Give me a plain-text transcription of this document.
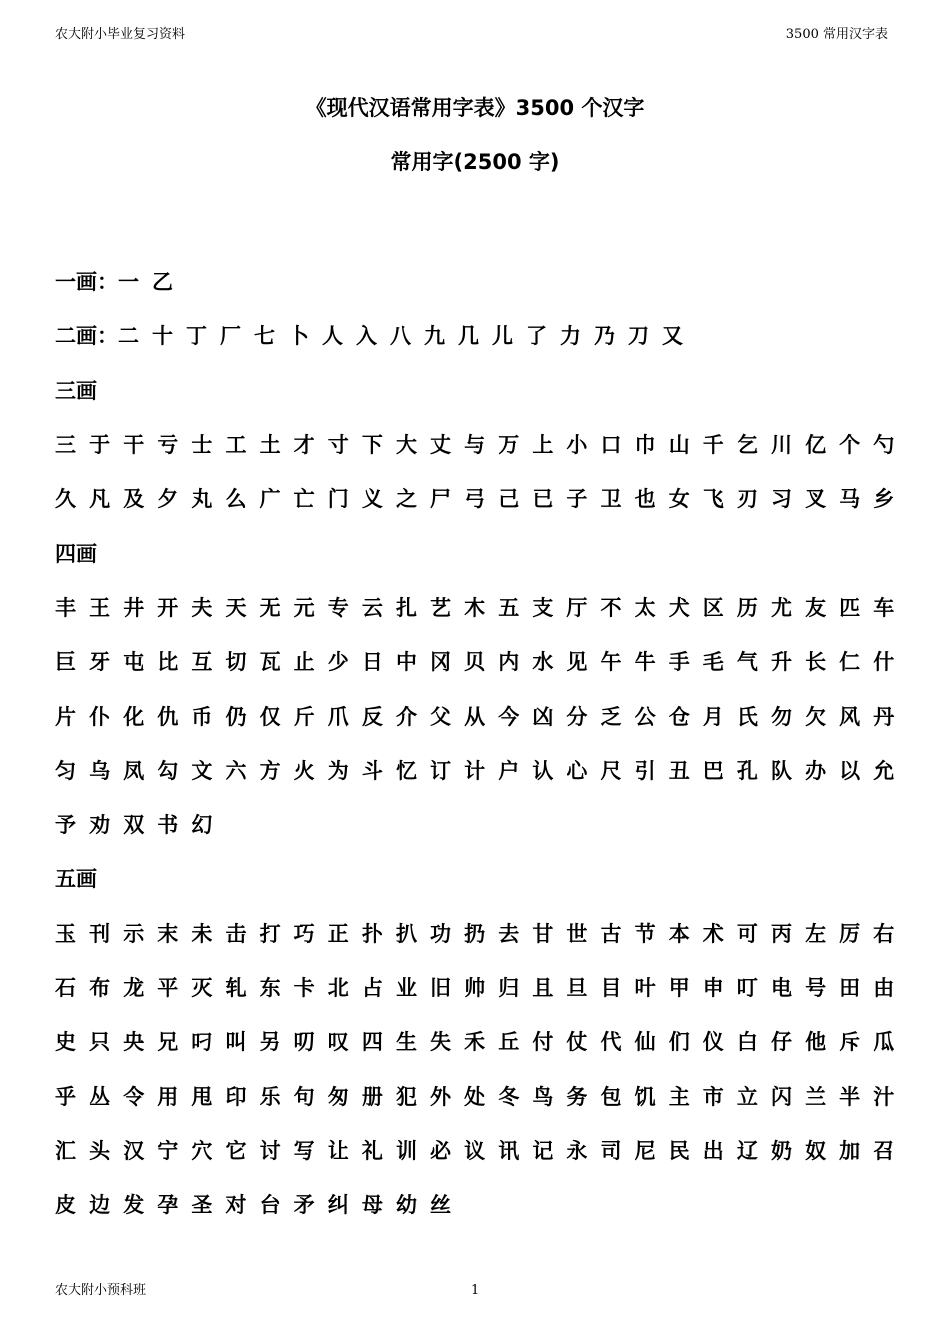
农大附小毕业复习资料	3500 常用汉字表
《现代汉语常用字表》3500 个汉字
常用字(2500 字)
一画： 一 乙
二画： 二 十 丁 厂 七 卜 人 入 八 九 几 儿 了 力 乃 刀 又
三画
三 于 干 亏 士 工 土 才 寸 下 大 丈 与 万 上 小 口 巾 山 千 乞 川 亿 个 勺
久 凡 及 夕 丸 么 广 亡 门 义 之 尸 弓 己 已 子 卫 也 女 飞 刃 习 叉 马 乡
四画
丰 王 井 开 夫 天 无 元 专 云 扎 艺 木 五 支 厅 不 太 犬 区 历 尤 友 匹 车
巨 牙 屯 比 互 切 瓦 止 少 日 中 冈 贝 内 水 见 午 牛 手 毛 气 升 长 仁 什
片 仆 化 仇 币 仍 仅 斤 爪 反 介 父 从 今 凶 分 乏 公 仓 月 氏 勿 欠 风 丹
匀 乌 凤 勾 文 六 方 火 为 斗 忆 订 计 户 认 心 尺 引 丑 巴 孔 队 办 以 允
予 劝 双 书 幻
五画
玉 刊 示 末 未 击 打 巧 正 扑 扒 功 扔 去 甘 世 古 节 本 术 可 丙 左 厉 右
石 布 龙 平 灭 轧 东 卡 北 占 业 旧 帅 归 且 旦 目 叶 甲 申 叮 电 号 田 由
史 只 央 兄 叼 叫 另 叨 叹 四 生 失 禾 丘 付 仗 代 仙 们 仪 白 仔 他 斥 瓜
乎 丛 令 用 甩 印 乐 句 匆 册 犯 外 处 冬 鸟 务 包 饥 主 市 立 闪 兰 半 汁
汇 头 汉 宁 穴 它 讨 写 让 礼 训 必 议 讯 记 永 司 尼 民 出 辽 奶 奴 加 召
皮 边 发 孕 圣 对 台 矛 纠 母 幼 丝
农大附小预科班	1
